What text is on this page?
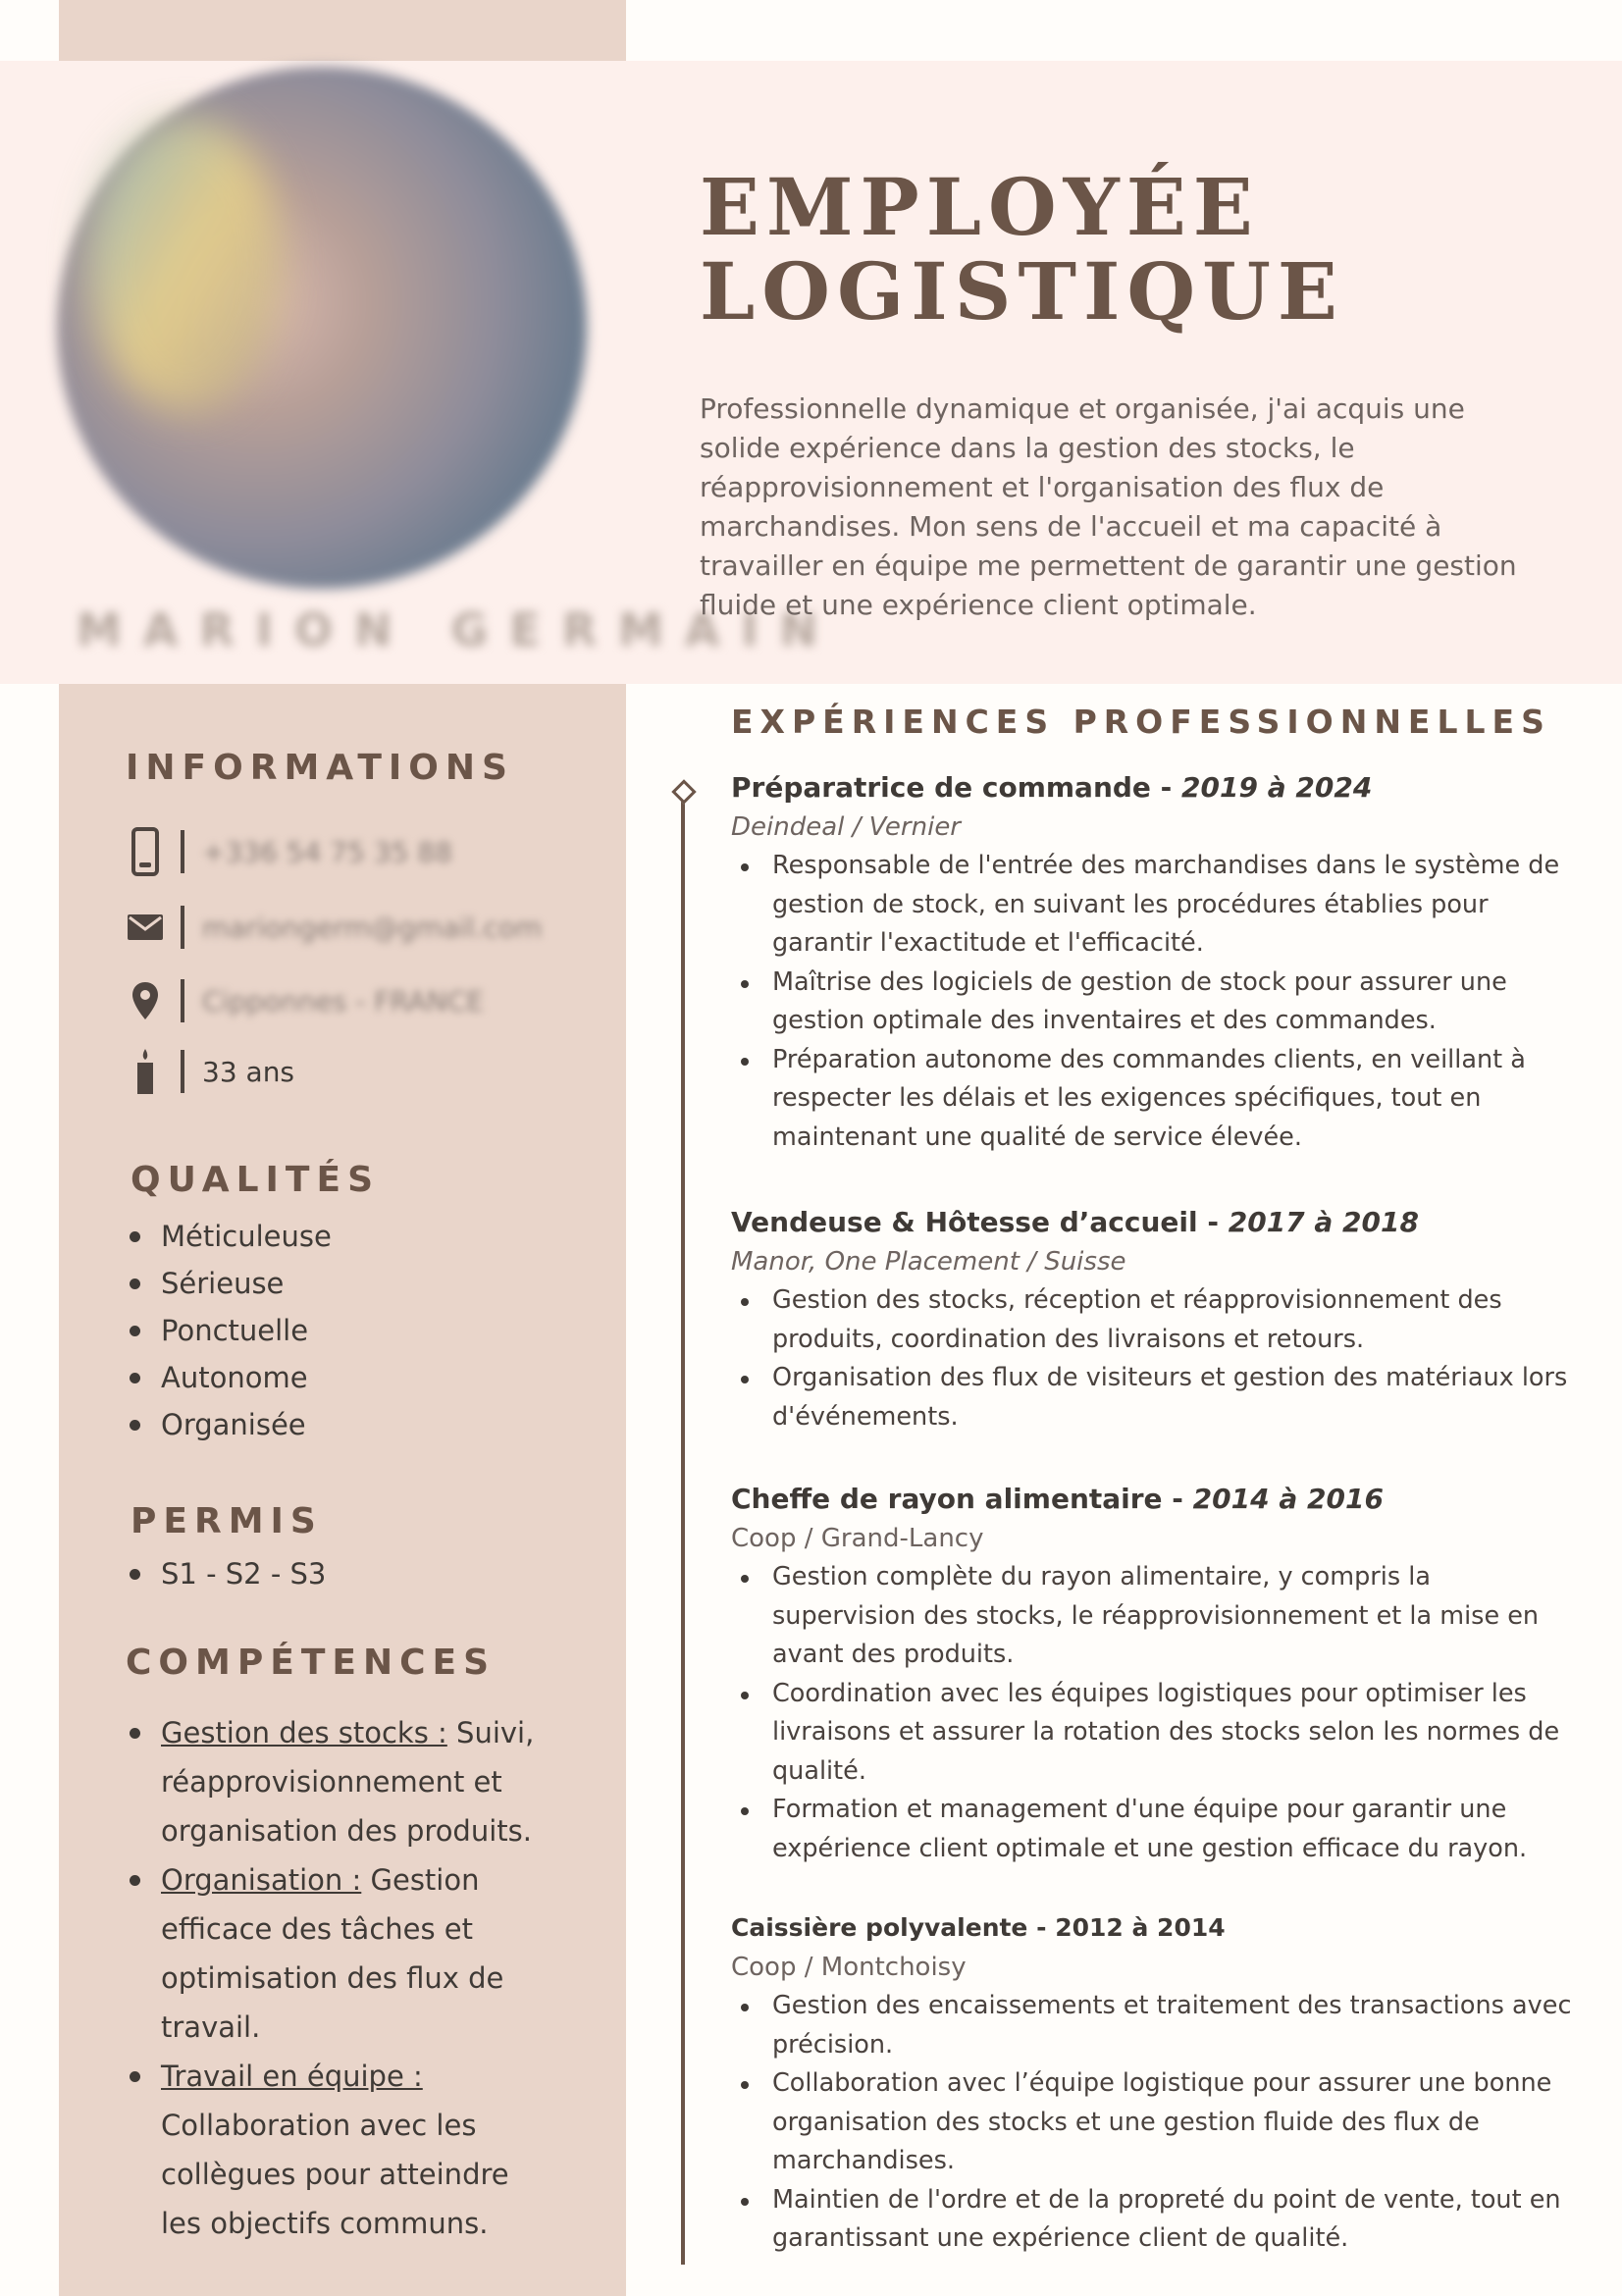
MARION GERMAIN
EMPLOYÉE
LOGISTIQUE

Professionnelle dynamique et organisée, j'ai acquis une solide expérience dans la gestion des stocks, le réapprovisionnement et l'organisation des flux de marchandises. Mon sens de l'accueil et ma capacité à travailler en équipe me permettent de garantir une gestion fluide et une expérience client optimale.

INFORMATIONS
+336 54 75 35 88
mariongerm@gmail.com
Cipponnes - FRANCE
33 ans
QUALITÉS
Méticuleuse
Sérieuse
Ponctuelle
Autonome
Organisée
PERMIS
S1 - S2 - S3
COMPÉTENCES
Gestion des stocks : Suivi, réapprovisionnement et organisation des produits.
Organisation : Gestion efficace des tâches et optimisation des flux de travail.
Travail en équipe : Collaboration avec les collègues pour atteindre les objectifs communs.
EXPÉRIENCES PROFESSIONNELLES
Préparatrice de commande - 2019 à 2024
Deindeal / Vernier
Responsable de l'entrée des marchandises dans le système de gestion de stock, en suivant les procédures établies pour garantir l'exactitude et l'efficacité.
Maîtrise des logiciels de gestion de stock pour assurer une gestion optimale des inventaires et des commandes.
Préparation autonome des commandes clients, en veillant à respecter les délais et les exigences spécifiques, tout en maintenant une qualité de service élevée.
Vendeuse & Hôtesse d’accueil - 2017 à 2018
Manor, One Placement / Suisse
Gestion des stocks, réception et réapprovisionnement des produits, coordination des livraisons et retours.
Organisation des flux de visiteurs et gestion des matériaux lors d'événements.
Cheffe de rayon alimentaire - 2014 à 2016
Coop / Grand-Lancy
Gestion complète du rayon alimentaire, y compris la supervision des stocks, le réapprovisionnement et la mise en avant des produits.
Coordination avec les équipes logistiques pour optimiser les livraisons et assurer la rotation des stocks selon les normes de qualité.
Formation et management d'une équipe pour garantir une expérience client optimale et une gestion efficace du rayon.
Caissière polyvalente - 2012 à 2014
Coop / Montchoisy
Gestion des encaissements et traitement des transactions avec précision.
Collaboration avec l’équipe logistique pour assurer une bonne organisation des stocks et une gestion fluide des flux de marchandises.
Maintien de l'ordre et de la propreté du point de vente, tout en garantissant une expérience client de qualité.
